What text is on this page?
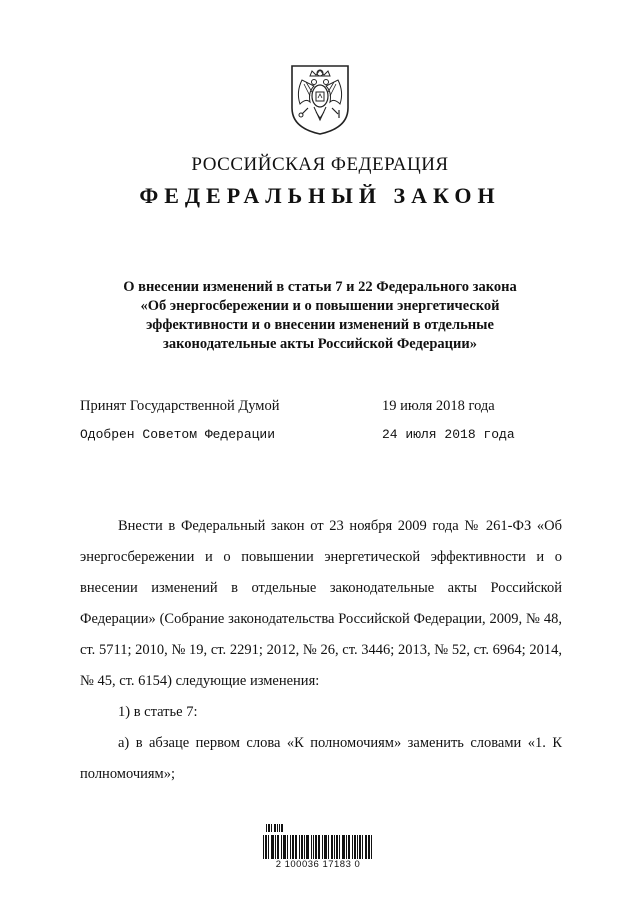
РОССИЙСКАЯ ФЕДЕРАЦИЯ
ФЕДЕРАЛЬНЫЙ ЗАКОН
О внесении изменений в статьи 7 и 22 Федерального закона
«Об энергосбережении и о повышении энергетической
эффективности и о внесении изменений в отдельные
законодательные акты Российской Федерации»
Принят Государственной Думой	19 июля 2018 года
Одобрен Советом Федерации	24 июля 2018 года

Внести в Федеральный закон от 23 ноября 2009 года № 261-ФЗ «Об энергосбережении и о повышении энергетической эффективности и о внесении изменений в отдельные законодательные акты Российской Федерации» (Собрание законодательства Российской Федерации, 2009, № 48, ст. 5711; 2010, № 19, ст. 2291; 2012, № 26, ст. 3446; 2013, № 52, ст. 6964; 2014, № 45, ст. 6154) следующие изменения:

1) в статье 7:

а) в абзаце первом слова «К полномочиям» заменить словами «1. К полномочиям»;

2 100036 17183 0
